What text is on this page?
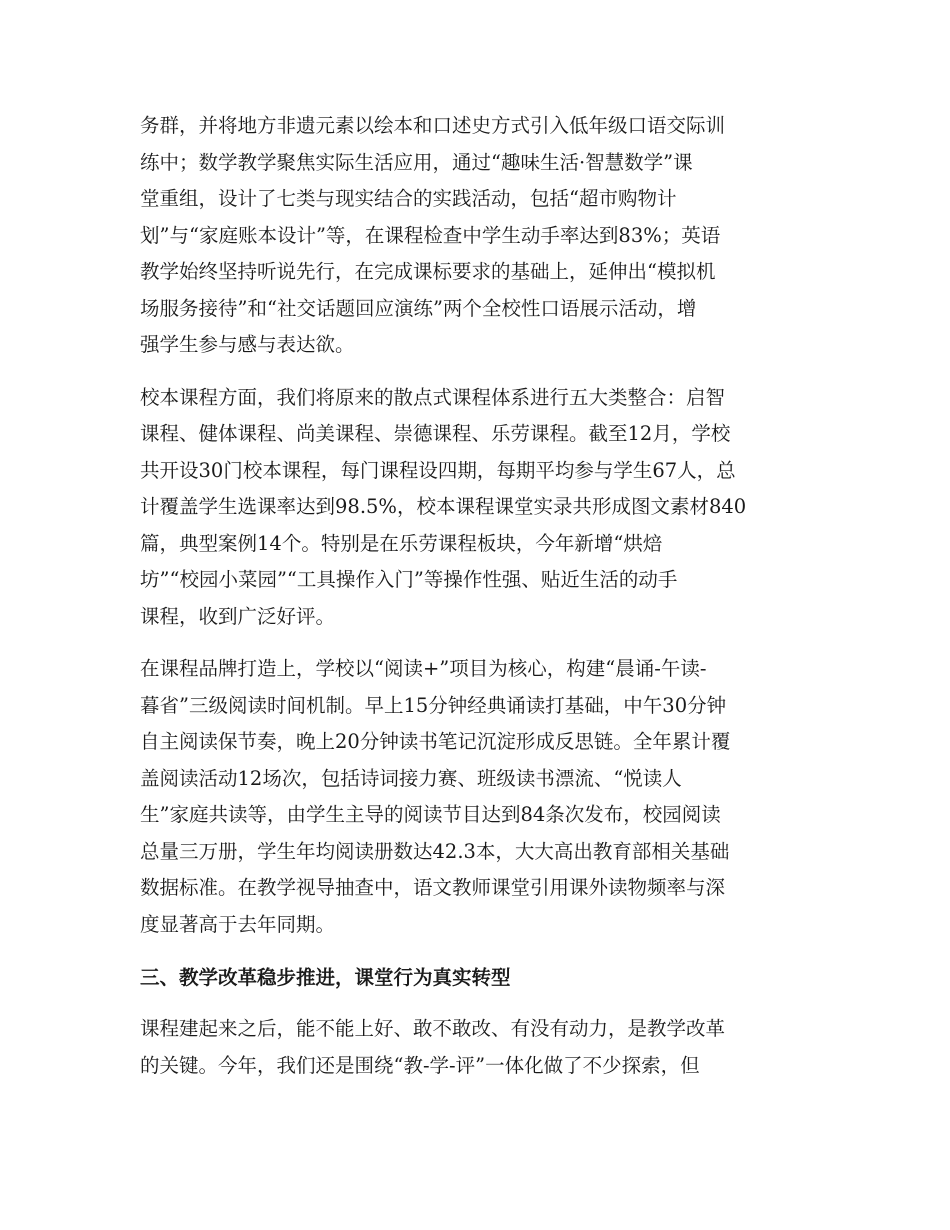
务群，并将地方非遗元素以绘本和口述史方式引入低年级口语交际训
练中；数学教学聚焦实际生活应用，通过“趣味生活·智慧数学”课
堂重组，设计了七类与现实结合的实践活动，包括“超市购物计
划”与“家庭账本设计”等，在课程检查中学生动手率达到83%；英语
教学始终坚持听说先行，在完成课标要求的基础上，延伸出“模拟机
场服务接待”和“社交话题回应演练”两个全校性口语展示活动，增
强学生参与感与表达欲。
校本课程方面，我们将原来的散点式课程体系进行五大类整合：启智
课程、健体课程、尚美课程、崇德课程、乐劳课程。截至12月，学校
共开设30门校本课程，每门课程设四期，每期平均参与学生67人，总
计覆盖学生选课率达到98.5%，校本课程课堂实录共形成图文素材840
篇，典型案例14个。特别是在乐劳课程板块，今年新增“烘焙
坊”“校园小菜园”“工具操作入门”等操作性强、贴近生活的动手
课程，收到广泛好评。
在课程品牌打造上，学校以“阅读+”项目为核心，构建“晨诵-午读-
暮省”三级阅读时间机制。早上15分钟经典诵读打基础，中午30分钟
自主阅读保节奏，晚上20分钟读书笔记沉淀形成反思链。全年累计覆
盖阅读活动12场次，包括诗词接力赛、班级读书漂流、“悦读人
生”家庭共读等，由学生主导的阅读节目达到84条次发布，校园阅读
总量三万册，学生年均阅读册数达42.3本，大大高出教育部相关基础
数据标准。在教学视导抽查中，语文教师课堂引用课外读物频率与深
度显著高于去年同期。
三、教学改革稳步推进，课堂行为真实转型
课程建起来之后，能不能上好、敢不敢改、有没有动力，是教学改革
的关键。今年，我们还是围绕“教-学-评”一体化做了不少探索，但
